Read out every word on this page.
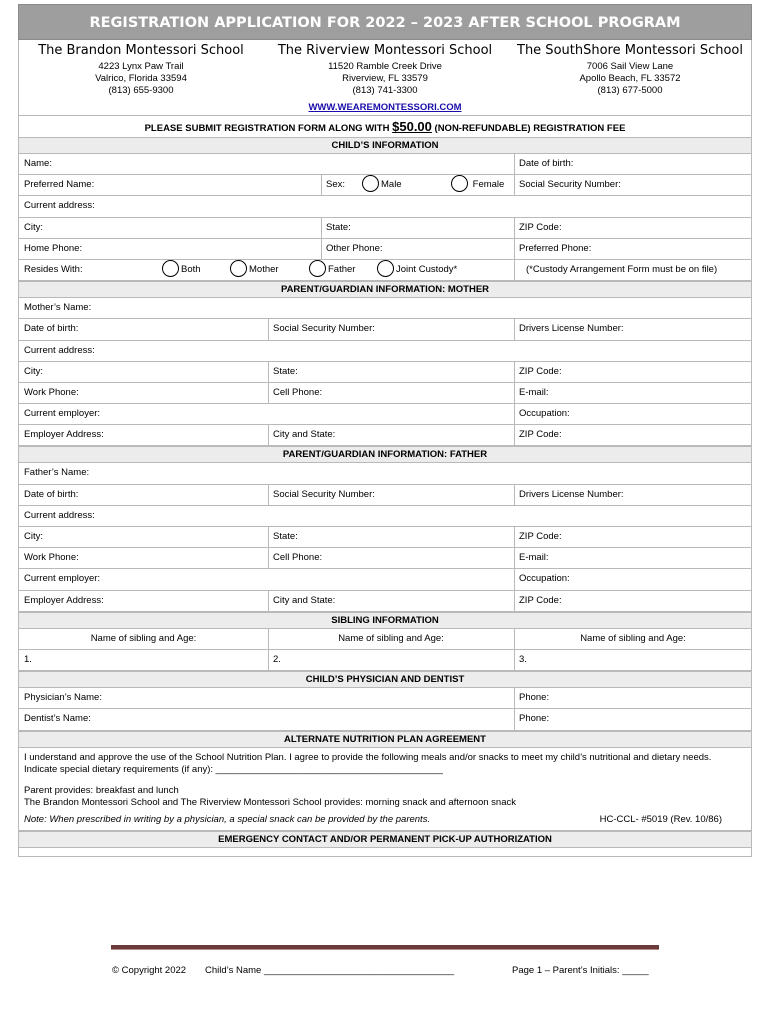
REGISTRATION APPLICATION FOR 2022 – 2023 AFTER SCHOOL PROGRAM
The Brandon Montessori School
4223 Lynx Paw Trail
Valrico, Florida 33594
(813) 655-9300
The Riverview Montessori School
11520 Ramble Creek Drive
Riverview, FL 33579
(813) 741-3300
The SouthShore Montessori School
7006 Sail View Lane
Apollo Beach, FL 33572
(813) 677-5000
WWW.WEAREMONTESSORI.COM
PLEASE SUBMIT REGISTRATION FORM ALONG WITH $50.00 (NON-REFUNDABLE) REGISTRATION FEE
CHILD’S INFORMATION
Name:	Date of birth:
Preferred Name:	Sex:	Male	Female	Social Security Number:
Current address:
City:	State:	ZIP Code:
Home Phone:	Other Phone:	Preferred Phone:
Resides With:	Both	Mother	Father	Joint Custody*	(*Custody Arrangement Form must be on file)
PARENT/GUARDIAN INFORMATION: MOTHER
Mother’s Name:
Date of birth:	Social Security Number:	Drivers License Number:
Current address:
City:	State:	ZIP Code:
Work Phone:	Cell Phone:	E-mail:
Current employer:	Occupation:
Employer Address:	City and State:	ZIP Code:
PARENT/GUARDIAN INFORMATION: FATHER
Father’s Name:
Date of birth:	Social Security Number:	Drivers License Number:
Current address:
City:	State:	ZIP Code:
Work Phone:	Cell Phone:	E-mail:
Current employer:	Occupation:
Employer Address:	City and State:	ZIP Code:
SIBLING INFORMATION
Name of sibling and Age:	Name of sibling and Age:	Name of sibling and Age:
1.	2.	3.
CHILD’S PHYSICIAN AND DENTIST
Physician’s Name:	Phone:
Dentist’s Name:	Phone:
ALTERNATE NUTRITION PLAN AGREEMENT

I understand and approve the use of the School Nutrition Plan. I agree to provide the following meals and/or snacks to meet my child’s nutritional and dietary needs. Indicate special dietary requirements (if any): ___________________________________________

Parent provides: breakfast and lunch

The Brandon Montessori School and The Riverview Montessori School provides: morning snack and afternoon snack

Note: When prescribed in writing by a physician, a special snack can be provided by the parents.	HC-CCL- #5019 (Rev. 10/86)
EMERGENCY CONTACT AND/OR PERMANENT PICK-UP AUTHORIZATION
© Copyright 2022 Child’s Name ____________________________________	Page 1 – Parent’s Initials: _____
